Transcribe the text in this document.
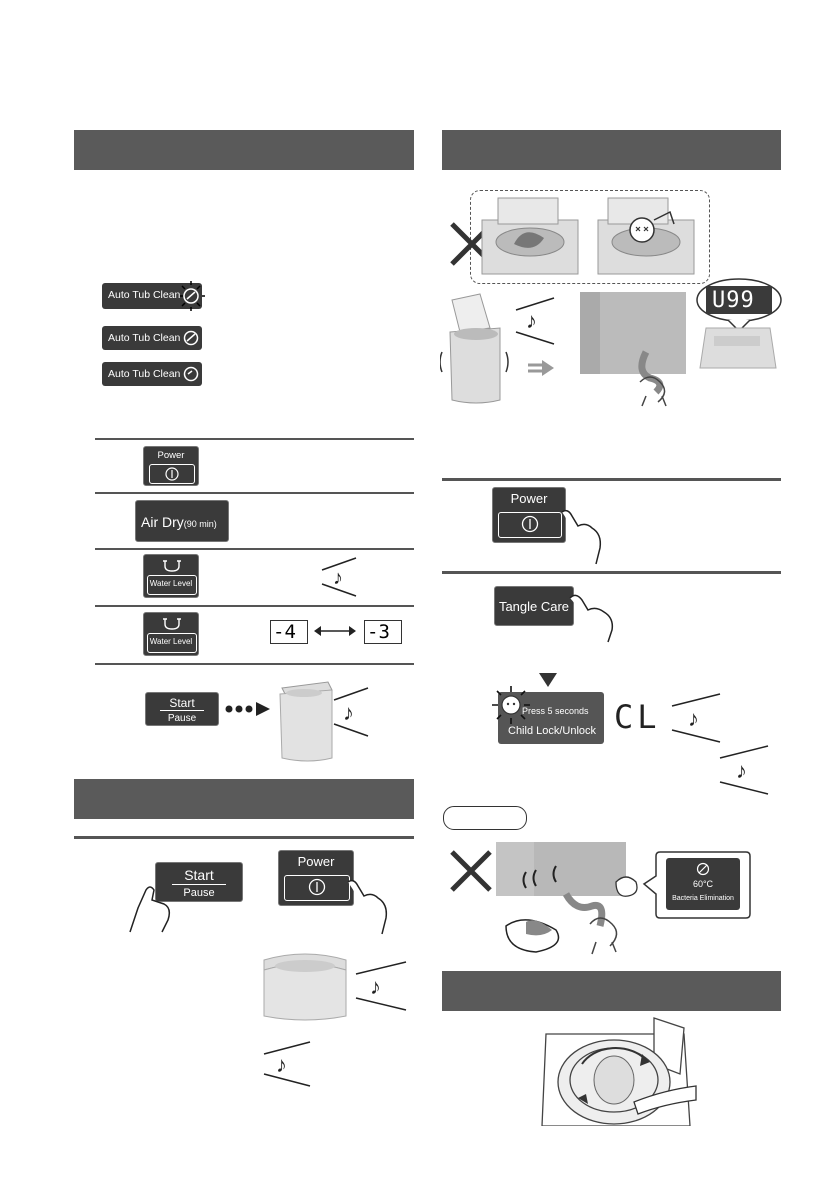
Auto Tub Clean
Auto Tub Clean
Auto Tub Clean
Power
Air Dry(90 min)
Water Level	♪
Water Level	-4	-3
Start
Pause	♪
Start
Pause
Power
♪
♪
♪
U99
Power
Tangle Care
Press 5 seconds
Child Lock/Unlock CL ♪
♪
60°C
Bacteria Elimination
